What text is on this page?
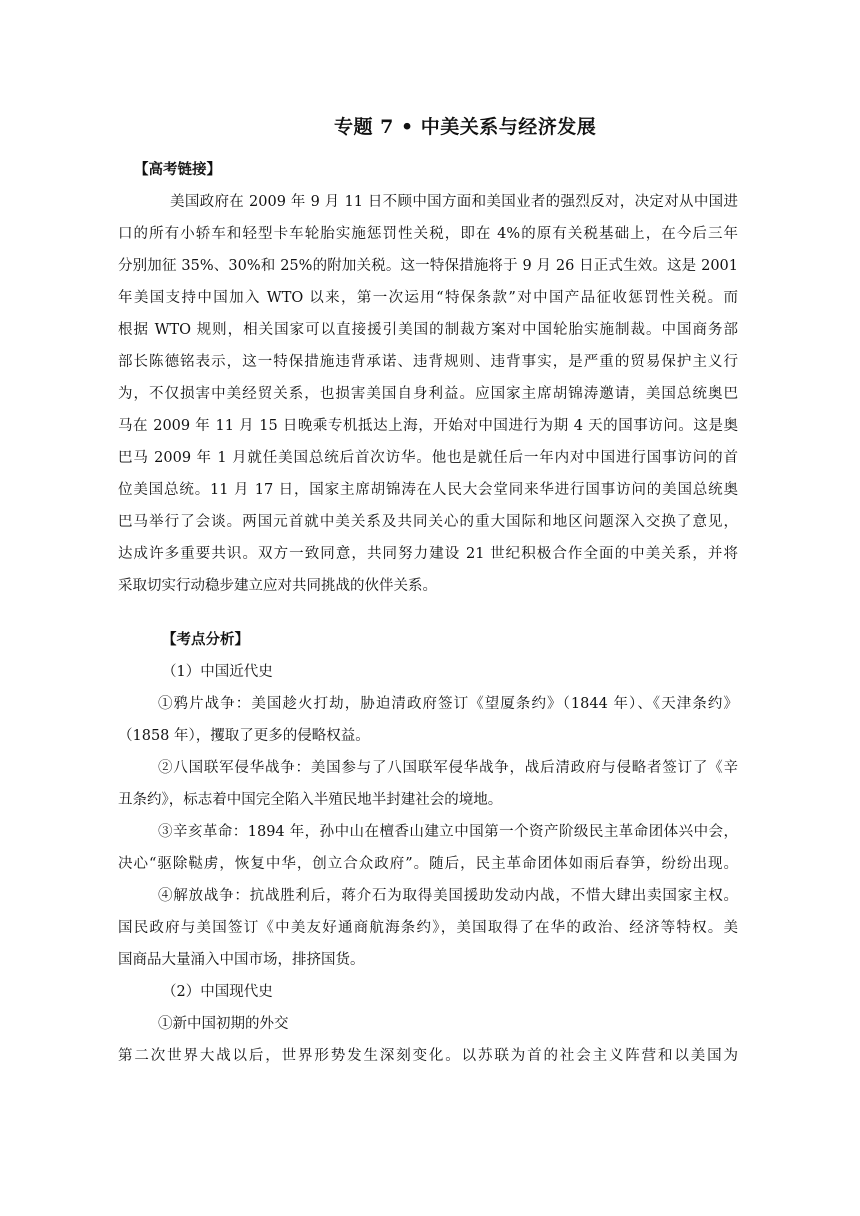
专题 7 • 中美关系与经济发展
【高考链接】
美国政府在 2009 年 9 月 11 日不顾中国方面和美国业者的强烈反对，决定对从中国进
口的所有小轿车和轻型卡车轮胎实施惩罚性关税，即在 4%的原有关税基础上，在今后三年
分别加征 35%、30%和 25%的附加关税。这一特保措施将于 9 月 26 日正式生效。这是 2001
年美国支持中国加入 WTO 以来，第一次运用“特保条款”对中国产品征收惩罚性关税。而
根据 WTO 规则，相关国家可以直接援引美国的制裁方案对中国轮胎实施制裁。中国商务部
部长陈德铭表示，这一特保措施违背承诺、违背规则、违背事实，是严重的贸易保护主义行
为，不仅损害中美经贸关系，也损害美国自身利益。应国家主席胡锦涛邀请，美国总统奥巴
马在 2009 年 11 月 15 日晚乘专机抵达上海，开始对中国进行为期 4 天的国事访问。这是奥
巴马 2009 年 1 月就任美国总统后首次访华。他也是就任后一年内对中国进行国事访问的首
位美国总统。11 月 17 日，国家主席胡锦涛在人民大会堂同来华进行国事访问的美国总统奥
巴马举行了会谈。两国元首就中美关系及共同关心的重大国际和地区问题深入交换了意见，
达成许多重要共识。双方一致同意，共同努力建设 21 世纪积极合作全面的中美关系，并将
采取切实行动稳步建立应对共同挑战的伙伴关系。
【考点分析】
（1）中国近代史
①鸦片战争：美国趁火打劫，胁迫清政府签订《望厦条约》（1844 年）、《天津条约》
（1858 年），攫取了更多的侵略权益。
②八国联军侵华战争：美国参与了八国联军侵华战争，战后清政府与侵略者签订了《辛
丑条约》，标志着中国完全陷入半殖民地半封建社会的境地。
③辛亥革命：1894 年，孙中山在檀香山建立中国第一个资产阶级民主革命团体兴中会，
决心“驱除鞑虏，恢复中华，创立合众政府”。随后，民主革命团体如雨后春笋，纷纷出现。
④解放战争：抗战胜利后，蒋介石为取得美国援助发动内战，不惜大肆出卖国家主权。
国民政府与美国签订《中美友好通商航海条约》，美国取得了在华的政治、经济等特权。美
国商品大量涌入中国市场，排挤国货。
（2）中国现代史
①新中国初期的外交
第二次世界大战以后，世界形势发生深刻变化。以苏联为首的社会主义阵营和以美国为
